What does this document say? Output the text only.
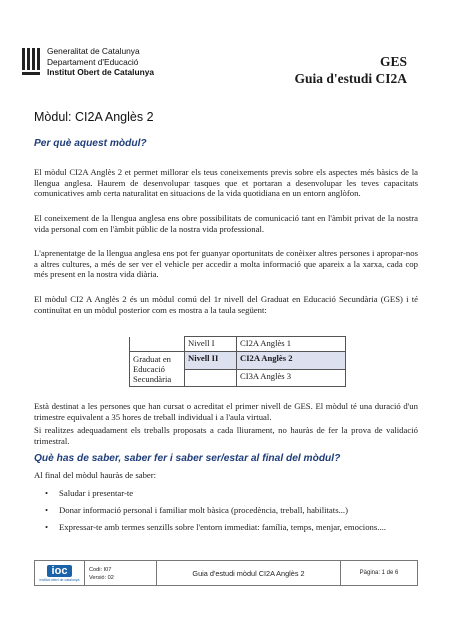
Generalitat de Catalunya
Departament d'Educació
Institut Obert de Catalunya
GES
Guia d'estudi CI2A
Mòdul: CI2A Anglès 2
Per què aquest mòdul?
El mòdul CI2A Anglès 2 et permet millorar els teus coneixements previs sobre els aspectes més bàsics de la llengua anglesa. Haurem de desenvolupar tasques que et portaran a desenvolupar les teves capacitats comunicatives amb certa naturalitat en situacions de la vida quotidiana en un entorn anglòfon.
El coneixement de la llengua anglesa ens obre possibilitats de comunicació tant en l'àmbit privat de la nostra vida personal com en l'àmbit públic de la nostra vida professional.
L'aprenentatge de la llengua anglesa ens pot fer guanyar oportunitats de conèixer altres persones i apropar-nos a altres cultures, a més de ser ver el vehicle per accedir a molta informació que apareix a la xarxa, cada cop més present en la nostra vida diària.
El mòdul CI2 A Anglès 2 és un mòdul comú del 1r nivell del Graduat en Educació Secundària (GES) i té continuïtat en un mòdul posterior com es mostra a la taula següent:
	Nivell I	CI2A Anglès 1
Graduat en Educació Secundària	Nivell II	CI2A Anglès 2
		CI3A Anglès 3
Està destinat a les persones que han cursat o acreditat el primer nivell de GES. El mòdul té una duració d'un trimestre equivalent a 35 hores de treball individual i a l'aula virtual.
Si realitzes adequadament els treballs proposats a cada lliurament, no hauràs de fer la prova de validació trimestral.
Què has de saber, saber fer i saber ser/estar al final del mòdul?
Al final del mòdul hauràs de saber:
• Saludar i presentar-te
• Donar informació personal i familiar molt bàsica (procedència, treball, habilitats...)
• Expressar-te amb termes senzills sobre l'entorn immediat: família, temps, menjar, emocions....
ioc
institut obert de catalunya
Codi: I07
Versió: 02
Guia d'estudi mòdul CI2A Anglès 2	Pàgina: 1 de 6
